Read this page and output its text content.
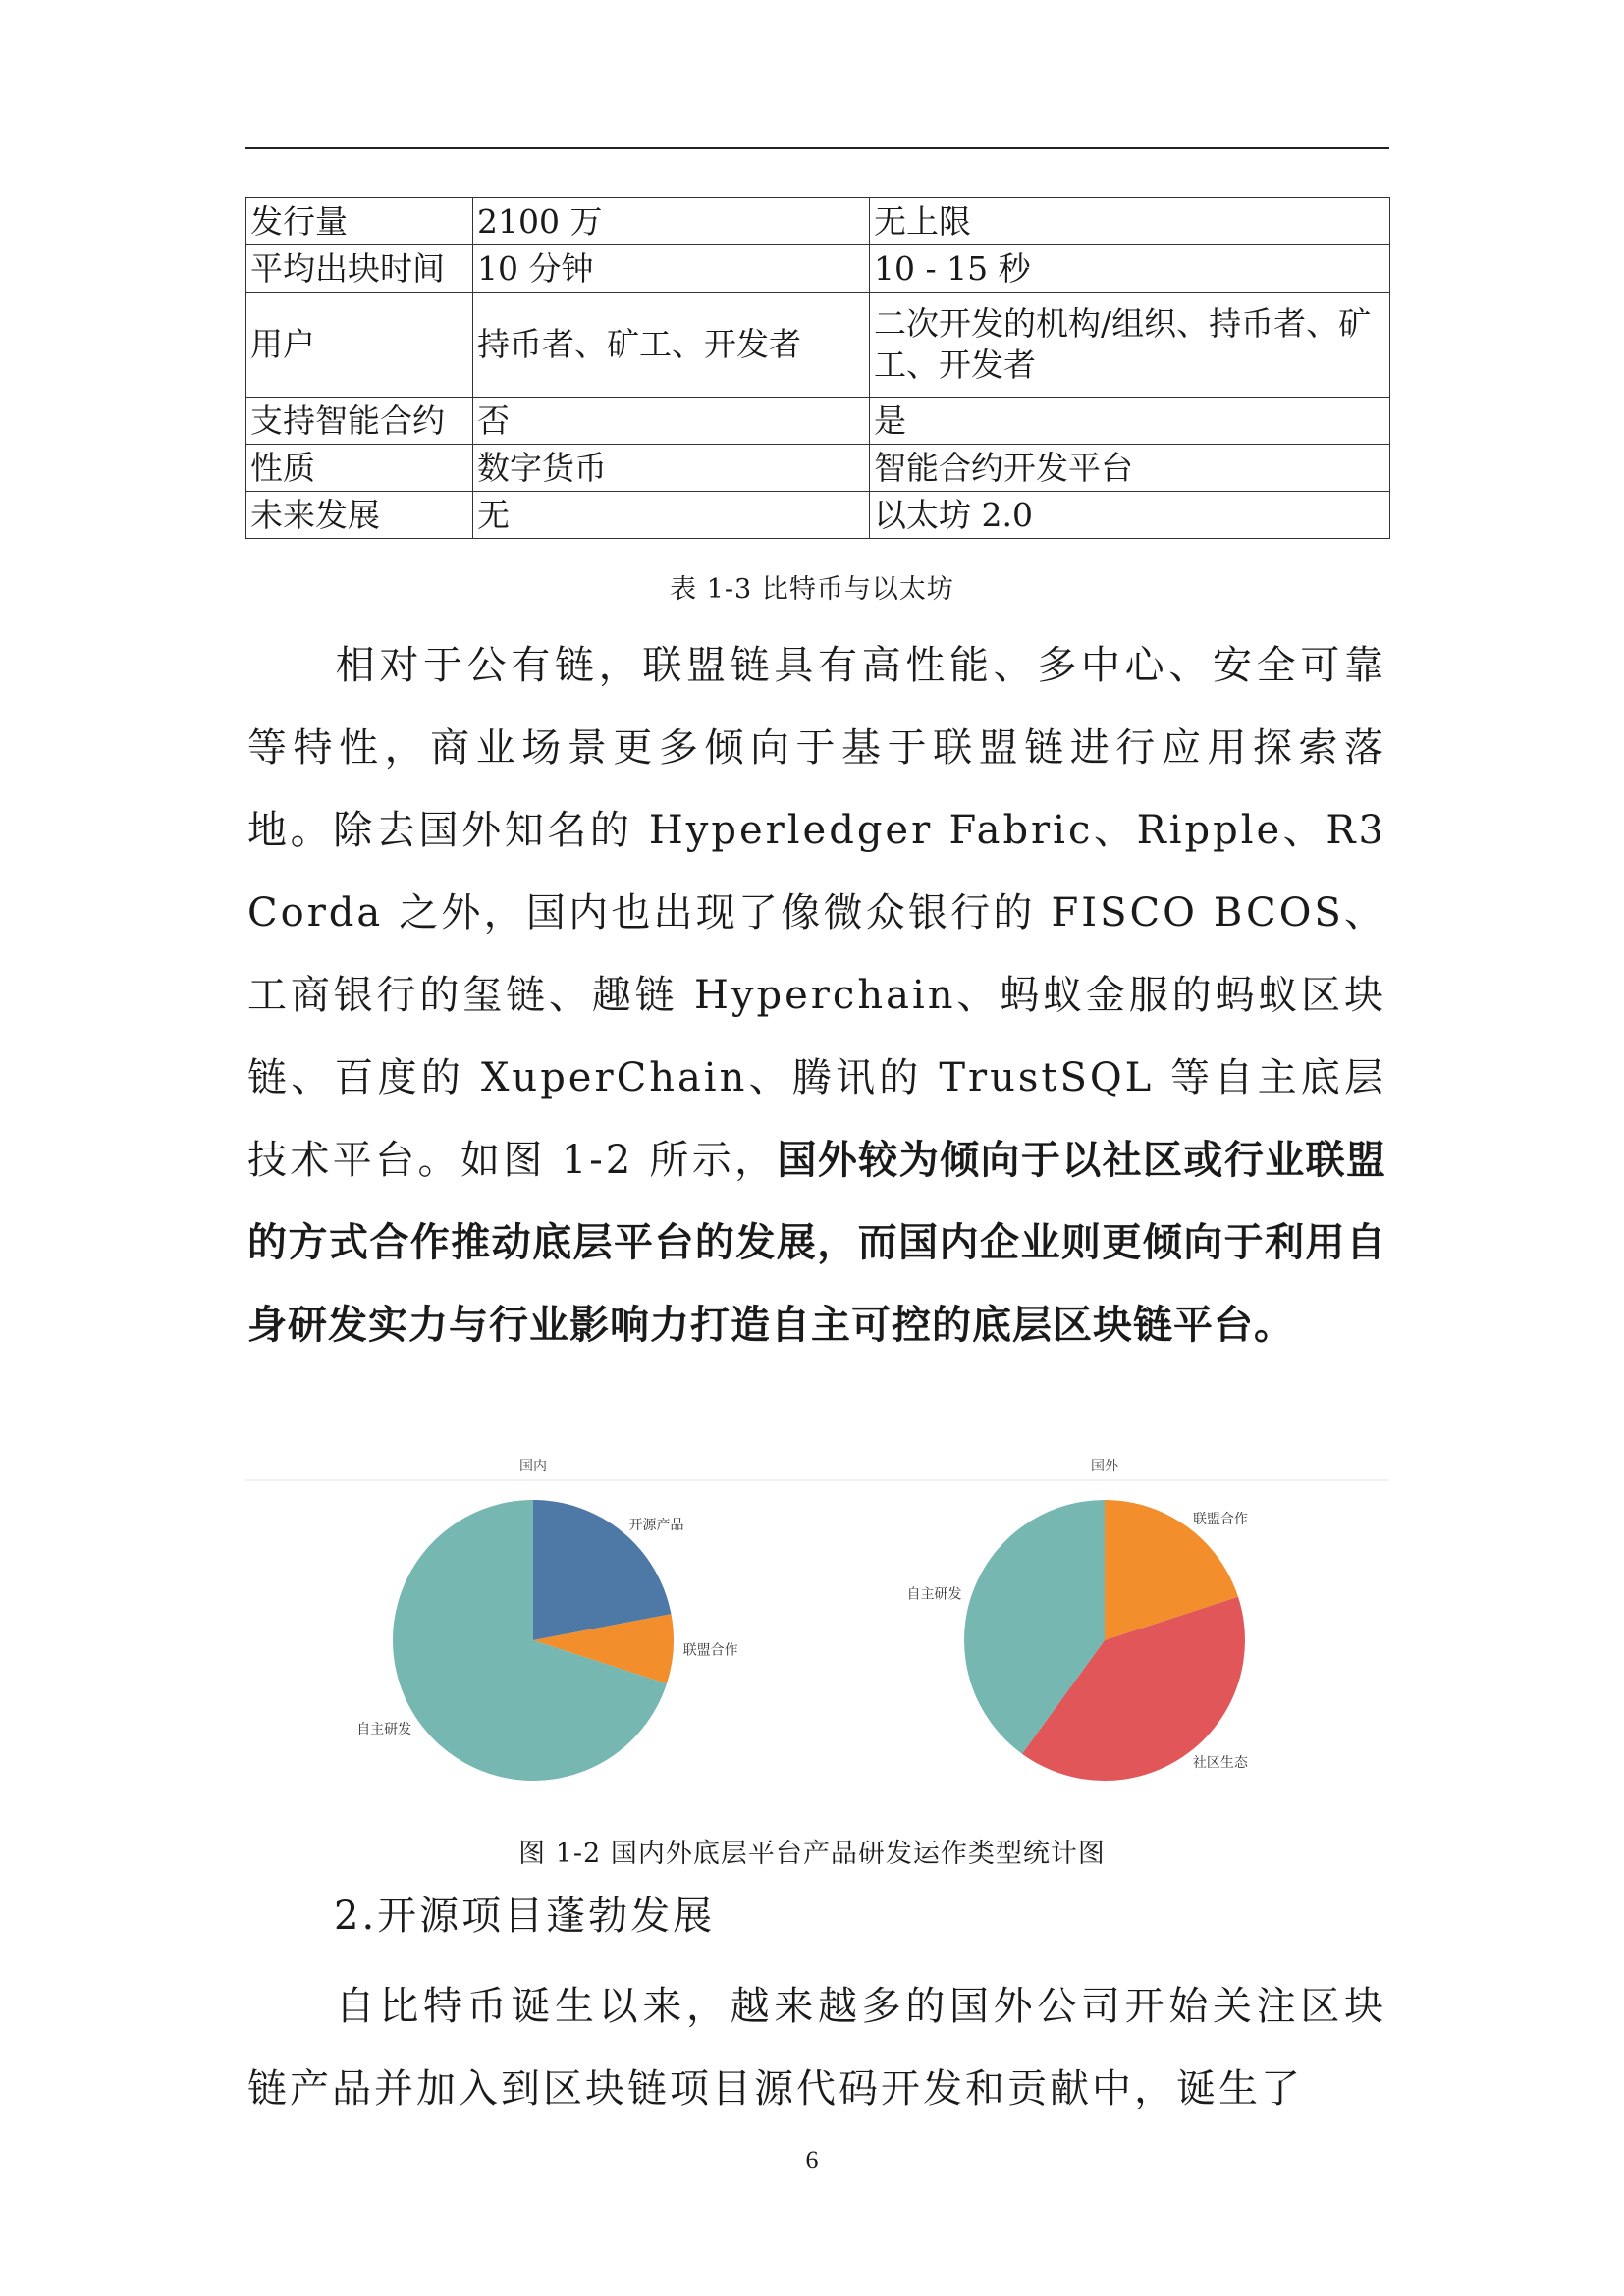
发行量	2100 万	无上限
平均出块时间	10 分钟	10 - 15 秒
用户	持币者、矿工、开发者	二次开发的机构/组织、持币者、矿工、开发者
支持智能合约	否	是
性质	数字货币	智能合约开发平台
未来发展	无	以太坊 2.0
表 1-3 比特币与以太坊
相对于公有链，联盟链具有高性能、多中心、安全可靠等特性，商业场景更多倾向于基于联盟链进行应用探索落地。除去国外知名的 Hyperledger Fabric、Ripple、R3 Corda 之外，国内也出现了像微众银行的 FISCO BCOS、工商银行的玺链、趣链 Hyperchain、蚂蚁金服的蚂蚁区块链、百度的 XuperChain、腾讯的 TrustSQL 等自主底层技术平台。如图 1-2 所示，国外较为倾向于以社区或行业联盟的方式合作推动底层平台的发展，而国内企业则更倾向于利用自身研发实力与行业影响力打造自主可控的底层区块链平台。
国内
开源产品
联盟合作
自主研发
国外
联盟合作
社区生态
自主研发
图 1-2 国内外底层平台产品研发运作类型统计图
2.开源项目蓬勃发展
自比特币诞生以来，越来越多的国外公司开始关注区块链产品并加入到区块链项目源代码开发和贡献中，诞生了
6
